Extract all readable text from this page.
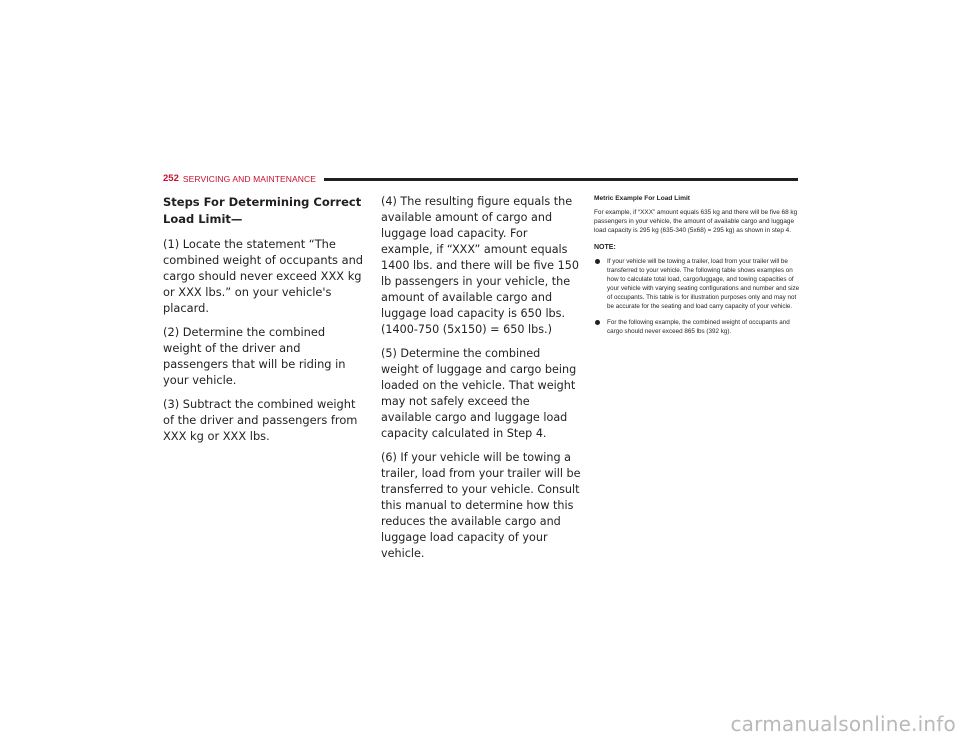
252 SERVICING AND MAINTENANCE
Steps For Determining Correct Load Limit—

(1) Locate the statement “The combined weight of occupants and cargo should never exceed XXX kg or XXX lbs.” on your vehicle's placard.

(2) Determine the combined weight of the driver and passengers that will be riding in your vehicle.

(3) Subtract the combined weight of the driver and passengers from XXX kg or XXX lbs.

(4) The resulting figure equals the available amount of cargo and luggage load capacity. For example, if “XXX” amount equals 1400 lbs. and there will be five 150 lb passengers in your vehicle, the amount of available cargo and luggage load capacity is 650 lbs. (1400-750 (5x150) = 650 lbs.)

(5) Determine the combined weight of luggage and cargo being loaded on the vehicle. That weight may not safely exceed the available cargo and luggage load capacity calculated in Step 4.

(6) If your vehicle will be towing a trailer, load from your trailer will be transferred to your vehicle. Consult this manual to determine how this reduces the available cargo and luggage load capacity of your vehicle.

Metric Example For Load Limit
For example, if “XXX” amount equals 635 kg and there will be five 68 kg passengers in your vehicle, the amount of available cargo and luggage load capacity is 295 kg (635-340 (5x68) = 295 kg) as shown in step 4.
NOTE:
If your vehicle will be towing a trailer, load from your trailer will be transferred to your vehicle. The following table shows examples on how to calculate total load, cargo/luggage, and towing capacities of your vehicle with varying seating configurations and number and size of occupants. This table is for illustration purposes only and may not be accurate for the seating and load carry capacity of your vehicle.
For the following example, the combined weight of occupants and cargo should never exceed 865 lbs (392 kg).
carmanualsonline.info
